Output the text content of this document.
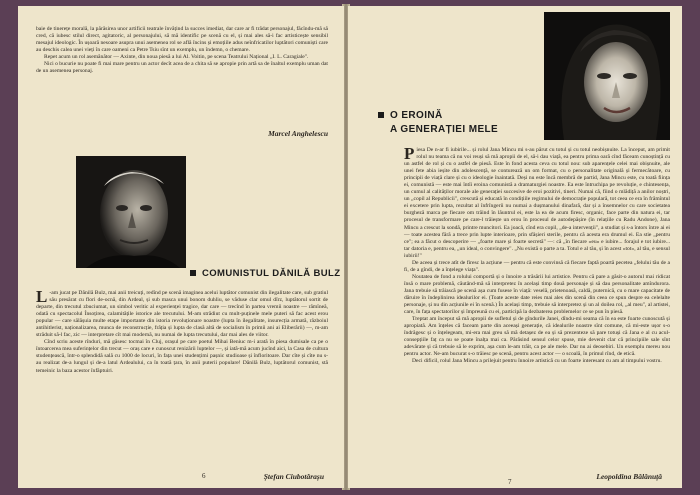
baie de tinerețe morală, la părăsirea unor artificii teatrale învățind la succes imediat, dar care ar fi trădat personajul, făcîndu-mă să cred, că iubesc stilul direct, agitatoric, al personajului, să mă identific pe scenă cu el, și mai ales să-i fac artisticește sensibil mesajul ideologic. În ușoară nesoare asupra unui asemenea rol se află încins și emoțiile adus neînfricatilor luptători comuniști care au deschis calea unei vieți în care oameni ca Petre Tsiu sînt un exemplu, un îndemn, o chemare.

Repet acum un rol asemănător — Axinte, din noua piesă a lui Al. Voitin, pe scena Teatrului Național „I. L. Caragiale".

Nici o bucurie nu poate fi mai mare pentru un actor decît acea de a chita să se apropie prin artă sa de înaltul exemplu uman dat de un asemenea personaj.

Marcel Anghelescu
COMUNISTUL DĂNILĂ BULZ

L -am jucat pe Dănilă Bulz, mai anii treicuți, redînd pe scenă imaginea acelui luptător comunist din ilegalitate care, sub gratiul său presărat cu flori de-ocnă, din Ardeal, și sub masca unui bonom duhliu, se văduse clar omul dîrz, luptătorul sortit de departe, din trecutul zbuciumat, un simbol veritic al experienței tragice, dar care — trecînd în partea vremii noastre — rămîneă, odată cu spectacolul Însoțirea, calamitățile istorice ale trecutului. M-am strădiut cu mult-puținele mele puteri să fac acest erou popular — care sălășuia multe etape importante din istoria revoluționare noastre (lupta în ilegalitate, insurecția armată, războiul antihitlerist, naționalizarea, munca de reconstrucție, frăția și lupta de clasă altă de socialism în primii ani ai Eliberării) —, m-am străduit să-l fac, zic — interpretare cît mai modernă, nu numai de lupta trecutului, dar mai ales de viitor.

Cînd scriu aceste rînduri, mă găsesc tocmai în Cluj, orașul pe care poetul Mihai Beniuc m-i arată în piesa dumisale ca pe o întoarcerea mea suferințelor din trecut — oraș care e cunoscut renizării luptelor —, și iată-mă acum jucînd aici, la Casa de cultura studențească, într-o splendidă sală cu 1000 de locuri, în fața unei studențimi pașnic studioase și înfloritoare. Dar cîte și cîte nu s-au realizat de-a lungul și de-a latul Ardealului, ca în toată țara, în anii puterii populare! Dănilă Bulz, luptătorul comunist, stă temeinic la baza acestor înfăptuiri.

6	Ștefan Ciubotărașu
O EROINĂ
A GENERAȚIEI MELE

Piesa De n-ar fi iubirile... și rolul Jana Mincu mi s-au părut cu totul și cu totul neobișnuite. La început, am primit rolul nu teama că nu voi reuși să mă apropii de el, să-i dau viață, ea pentru prima oară cînd făceam cunoștință cu un astfel de rol și cu o astfel de piesă. Este în fond acesta ceva cu totul nou: sub aparențele celei mai obișnuite, ale unei fete abia ieșite din adolescență, se conturează un om format, cu o personalitate originală și fermecătoare, cu principii de viață clare și cu o ideologie înaintată. Deși nu este încă membră de partid, Jana Mincu este, cu toată ființa ei, comunistă — este mai întîi eroina comunistă a dramaturgiei noastre. Ea este întruchipa pe revoluție, e chintesența, un cumul al calităților morale ale generației succesive de eroi pozitivi, tineri. Numai că, fiind o mlădiță a anilor noștri, un „copil al Republicii", crescută și educată în condițiile regimului de democrație populară, tot ceea ce era în frămîntul ei excetere prin lupta, rezultat al înfrîngerii nu numai a dușmanului dinafară, dar și a însemnelor cu care societatea burgheză marca pe fiecare om trăind în lăuntrul ei, este la ea de acum firesc, organic, face parte din natura ei, tar procesul de transformare pe care-l trăiește un erou în procesul de autodepășire (în relațiile cu Radu Andone), Jana Mincu a crescut la sondă, printre muncitori. Ea joacă, cînd era copil, „de-a intervenții", a studiat și s-a întors între ai ei — toate acestea fără a trece prin lupte interioare, prin sfâșieri sterile, pentru că acesta era drumul ei. Ea stie „pentru ce"; ea a făcut o descoperire — „foarte mare și foarte secretă" —: că „în fiecare «eu» e iubire... forajul e tot iubire... tar datoria e, pentru ea, „un ideal, o convingere". „Nu există o parte a ta. Totul e al tău, și în acest «tot», al tău, e sensul iubirii!"

De aceea și trece atît de firesc la acțiune — pentru că este convinsă că fiecare faptă poartă pecetea „felului tău de a fi, de a gîndi, de a înțelege viața".

Noutatea de fond a rolului comportă și o înnoire a trăsării lui artistice. Pentru că pare a găsit-o autorul mai ridicat însă o mare problemă, căutând-mă să interpretez în același timp două personaje și să dau personalitate amîndurora. Jana trebuie să trăiască pe scenă așa cum fusese în viață: veselă, prietenoasă, caldă, puternică, cu o mare capacitate de dăruire în îndeplinirea idealurilor ei. (Toate aceste date reies mai ales din scenă din ceea ce spun despre ea celelalte personaje, și nu din acțiunile ei în scenă.) În același timp, trebuie să interpretez și un al doilea rol, „al meu", al artistei, care, în fața spectatorilor și împreună cu ei, participă la dezbaterea problemelor ce se pun în piesă.

Treptat am început să mă apropii de sufletul și de gîndurile Janei, dîndu-mi seama că în ea este foarte cunoscută și apropiată. Am înțeles că faceam parte din aceeași generație, că idealurile noastre sînt comune, că mi-este ușor s-o îndrăgesc și o înțelegeam, mi-era mai greu să mă detașez de ea și să prezenteze să pare totuși că Jana e al cu acul-consepțiile faț ca nu se poate înalța mai ca. Părăsind sensul celor spuse, mie devenit clar că principiile sale sînt adevărate și că trebuie să le exprim, așa cum le-am trăit, ca pe ale mele. Dar nu ai deosebiri. Un exemplu mereu nou pentru actor. Ne-am bucurat s-o trăiesc pe scenă, pentru acest actor — o scoală, în primul rînd, de etică.

Deci dificil, rolul Jana Mincu a prilejuit pentru înnoire artistică cu un foarte interesant cu am al timpului vostru.

7
Leopoldina Bălănuță
